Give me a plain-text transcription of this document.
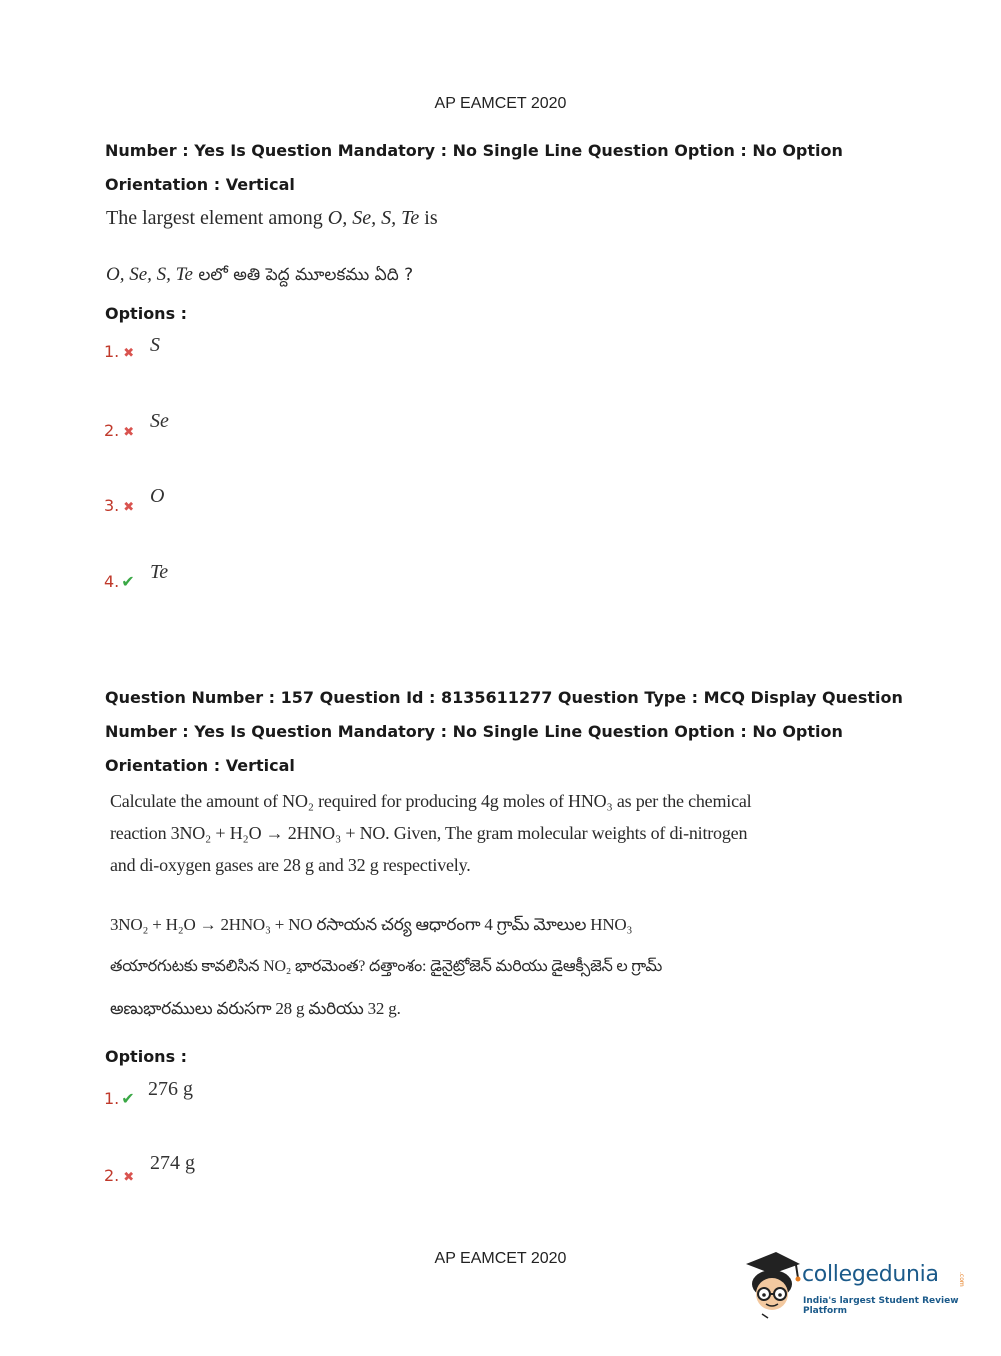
AP EAMCET 2020
Number : Yes Is Question Mandatory : No Single Line Question Option : No Option
Orientation : Vertical
The largest element among O, Se, S, Te is
O, Se, S, Te లలో అతి పెద్ద మూలకము ఏది ?
Options :
1. ✖ S
2. ✖
Se
3. ✖
O
4. ✔ Te
Question Number : 157 Question Id : 8135611277 Question Type : MCQ Display Question
Number : Yes Is Question Mandatory : No Single Line Question Option : No Option
Orientation : Vertical
Calculate the amount of NO₂ required for producing 4g moles of HNO₃ as per the chemical
reaction 3NO₂ + H₂O → 2HNO₃ + NO. Given, The gram molecular weights of di-nitrogen
and di-oxygen gases are 28 g and 32 g respectively.
3NO₂ + H₂O → 2HNO₃ + NO రసాయన చర్య ఆధారంగా 4 గ్రామ్ మోలుల HNO₃
తయారగుటకు కావలిసిన NO₂ భారమెంత? దత్తాంశం: డైనైట్రోజెన్ మరియు డైఆక్సీజెన్ ల గ్రామ్
అణుభారములు వరుసగా 28 g మరియు 32 g.
Options :
1. ✔ 276 g
2. ✖
274 g
AP EAMCET 2020
collegedunia	.com
India's largest Student Review Platform
